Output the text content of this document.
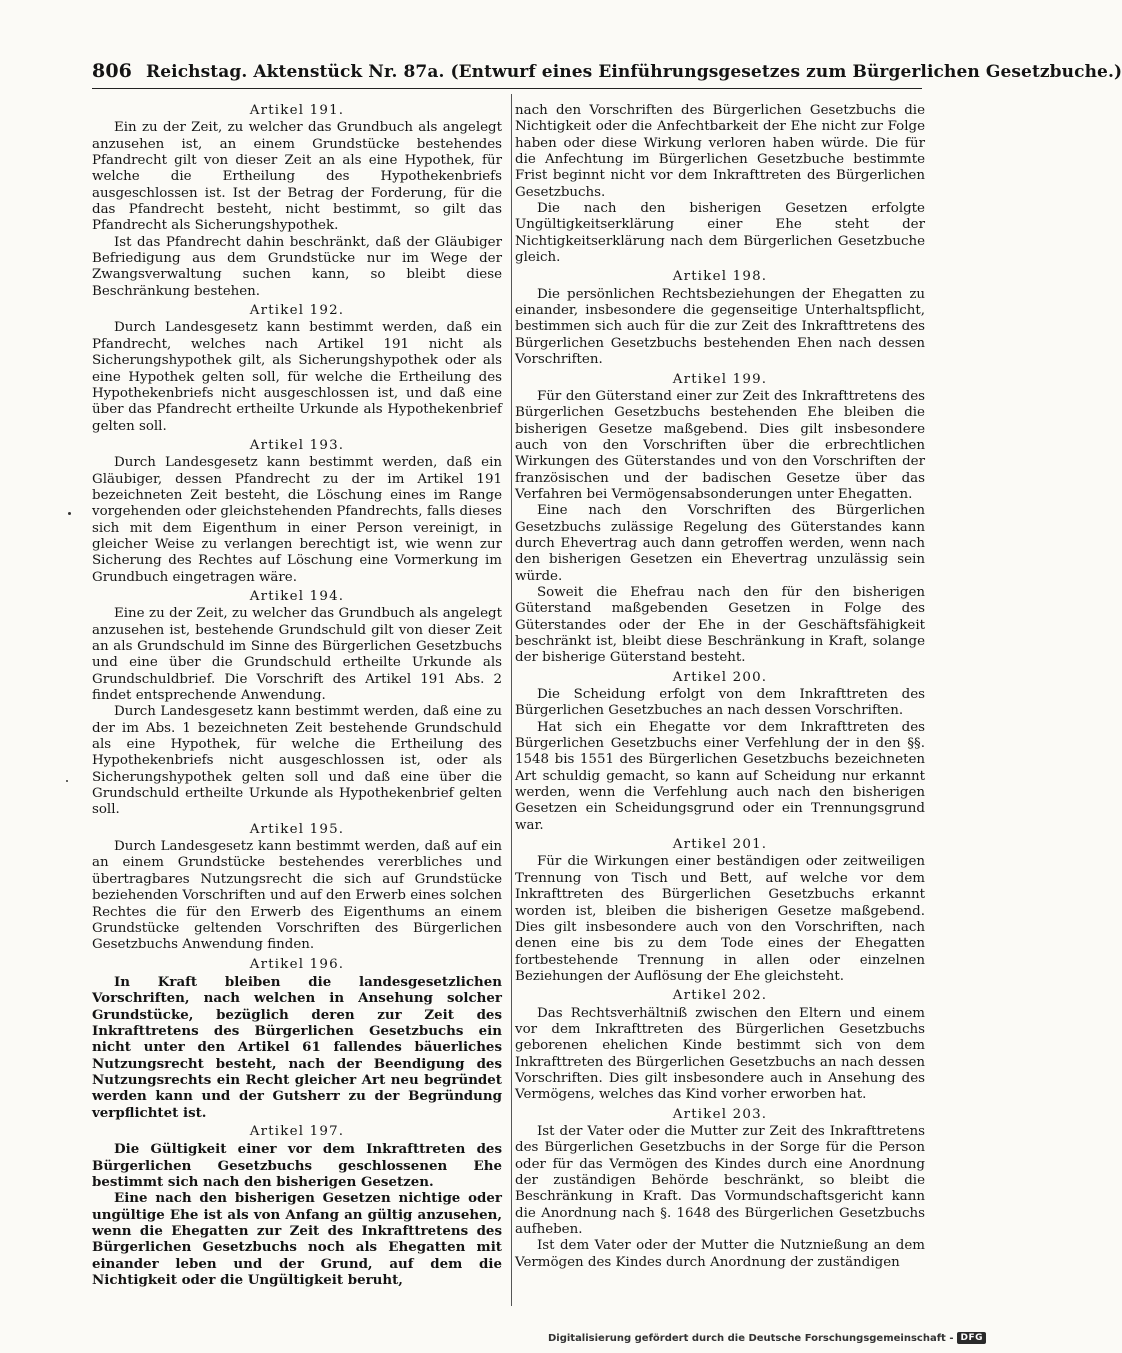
806 Reichstag. Aktenstück Nr. 87a. (Entwurf eines Einführungsgesetzes zum Bürgerlichen Gesetzbuche.)
Artikel 191.

Ein zu der Zeit, zu welcher das Grundbuch als angelegt anzusehen ist, an einem Grundstücke bestehendes Pfandrecht gilt von dieser Zeit an als eine Hypothek, für welche die Ertheilung des Hypothekenbriefs ausgeschlossen ist. Ist der Betrag der Forderung, für die das Pfandrecht besteht, nicht bestimmt, so gilt das Pfandrecht als Sicherungshypothek.

Ist das Pfandrecht dahin beschränkt, daß der Gläubiger Befriedigung aus dem Grundstücke nur im Wege der Zwangsverwaltung suchen kann, so bleibt diese Beschränkung bestehen.

Artikel 192.

Durch Landesgesetz kann bestimmt werden, daß ein Pfandrecht, welches nach Artikel 191 nicht als Sicherungshypothek gilt, als Sicherungshypothek oder als eine Hypothek gelten soll, für welche die Ertheilung des Hypothekenbriefs nicht ausgeschlossen ist, und daß eine über das Pfandrecht ertheilte Urkunde als Hypothekenbrief gelten soll.

Artikel 193.

Durch Landesgesetz kann bestimmt werden, daß ein Gläubiger, dessen Pfandrecht zu der im Artikel 191 bezeichneten Zeit besteht, die Löschung eines im Range vorgehenden oder gleichstehenden Pfandrechts, falls dieses sich mit dem Eigenthum in einer Person vereinigt, in gleicher Weise zu verlangen berechtigt ist, wie wenn zur Sicherung des Rechtes auf Löschung eine Vormerkung im Grundbuch eingetragen wäre.

Artikel 194.

Eine zu der Zeit, zu welcher das Grundbuch als angelegt anzusehen ist, bestehende Grundschuld gilt von dieser Zeit an als Grundschuld im Sinne des Bürgerlichen Gesetzbuchs und eine über die Grundschuld ertheilte Urkunde als Grundschuldbrief. Die Vorschrift des Artikel 191 Abs. 2 findet entsprechende Anwendung.

Durch Landesgesetz kann bestimmt werden, daß eine zu der im Abs. 1 bezeichneten Zeit bestehende Grundschuld als eine Hypothek, für welche die Ertheilung des Hypothekenbriefs nicht ausgeschlossen ist, oder als Sicherungshypothek gelten soll und daß eine über die Grundschuld ertheilte Urkunde als Hypothekenbrief gelten soll.

Artikel 195.

Durch Landesgesetz kann bestimmt werden, daß auf ein an einem Grundstücke bestehendes vererbliches und übertragbares Nutzungsrecht die sich auf Grundstücke beziehenden Vorschriften und auf den Erwerb eines solchen Rechtes die für den Erwerb des Eigenthums an einem Grundstücke geltenden Vorschriften des Bürgerlichen Gesetzbuchs Anwendung finden.

Artikel 196.

In Kraft bleiben die landesgesetzlichen Vorschriften, nach welchen in Ansehung solcher Grundstücke, bezüglich deren zur Zeit des Inkrafttretens des Bürgerlichen Gesetzbuchs ein nicht unter den Artikel 61 fallendes bäuerliches Nutzungsrecht besteht, nach der Beendigung des Nutzungsrechts ein Recht gleicher Art neu begründet werden kann und der Gutsherr zu der Begründung verpflichtet ist.

Artikel 197.

Die Gültigkeit einer vor dem Inkrafttreten des Bürgerlichen Gesetzbuchs geschlossenen Ehe bestimmt sich nach den bisherigen Gesetzen.

Eine nach den bisherigen Gesetzen nichtige oder ungültige Ehe ist als von Anfang an gültig anzusehen, wenn die Ehegatten zur Zeit des Inkrafttretens des Bürgerlichen Gesetzbuchs noch als Ehegatten mit einander leben und der Grund, auf dem die Nichtigkeit oder die Ungültigkeit beruht,

nach den Vorschriften des Bürgerlichen Gesetzbuchs die Nichtigkeit oder die Anfechtbarkeit der Ehe nicht zur Folge haben oder diese Wirkung verloren haben würde. Die für die Anfechtung im Bürgerlichen Gesetzbuche bestimmte Frist beginnt nicht vor dem Inkrafttreten des Bürgerlichen Gesetzbuchs.

Die nach den bisherigen Gesetzen erfolgte Ungültigkeitserklärung einer Ehe steht der Nichtigkeitserklärung nach dem Bürgerlichen Gesetzbuche gleich.

Artikel 198.

Die persönlichen Rechtsbeziehungen der Ehegatten zu einander, insbesondere die gegenseitige Unterhaltspflicht, bestimmen sich auch für die zur Zeit des Inkrafttretens des Bürgerlichen Gesetzbuchs bestehenden Ehen nach dessen Vorschriften.

Artikel 199.

Für den Güterstand einer zur Zeit des Inkrafttretens des Bürgerlichen Gesetzbuchs bestehenden Ehe bleiben die bisherigen Gesetze maßgebend. Dies gilt insbesondere auch von den Vorschriften über die erbrechtlichen Wirkungen des Güterstandes und von den Vorschriften der französischen und der badischen Gesetze über das Verfahren bei Vermögensabsonderungen unter Ehegatten.

Eine nach den Vorschriften des Bürgerlichen Gesetzbuchs zulässige Regelung des Güterstandes kann durch Ehevertrag auch dann getroffen werden, wenn nach den bisherigen Gesetzen ein Ehevertrag unzulässig sein würde.

Soweit die Ehefrau nach den für den bisherigen Güterstand maßgebenden Gesetzen in Folge des Güterstandes oder der Ehe in der Geschäftsfähigkeit beschränkt ist, bleibt diese Beschränkung in Kraft, solange der bisherige Güterstand besteht.

Artikel 200.

Die Scheidung erfolgt von dem Inkrafttreten des Bürgerlichen Gesetzbuches an nach dessen Vorschriften.

Hat sich ein Ehegatte vor dem Inkrafttreten des Bürgerlichen Gesetzbuchs einer Verfehlung der in den §§. 1548 bis 1551 des Bürgerlichen Gesetzbuchs bezeichneten Art schuldig gemacht, so kann auf Scheidung nur erkannt werden, wenn die Verfehlung auch nach den bisherigen Gesetzen ein Scheidungsgrund oder ein Trennungsgrund war.

Artikel 201.

Für die Wirkungen einer beständigen oder zeitweiligen Trennung von Tisch und Bett, auf welche vor dem Inkrafttreten des Bürgerlichen Gesetzbuchs erkannt worden ist, bleiben die bisherigen Gesetze maßgebend. Dies gilt insbesondere auch von den Vorschriften, nach denen eine bis zu dem Tode eines der Ehegatten fortbestehende Trennung in allen oder einzelnen Beziehungen der Auflösung der Ehe gleichsteht.

Artikel 202.

Das Rechtsverhältniß zwischen den Eltern und einem vor dem Inkrafttreten des Bürgerlichen Gesetzbuchs geborenen ehelichen Kinde bestimmt sich von dem Inkrafttreten des Bürgerlichen Gesetzbuchs an nach dessen Vorschriften. Dies gilt insbesondere auch in Ansehung des Vermögens, welches das Kind vorher erworben hat.

Artikel 203.

Ist der Vater oder die Mutter zur Zeit des Inkrafttretens des Bürgerlichen Gesetzbuchs in der Sorge für die Person oder für das Vermögen des Kindes durch eine Anordnung der zuständigen Behörde beschränkt, so bleibt die Beschränkung in Kraft. Das Vormundschaftsgericht kann die Anordnung nach §. 1648 des Bürgerlichen Gesetzbuchs aufheben.

Ist dem Vater oder der Mutter die Nutznießung an dem Vermögen des Kindes durch Anordnung der zuständigen

Digitalisierung gefördert durch die Deutsche Forschungsgemeinschaft - DFG
